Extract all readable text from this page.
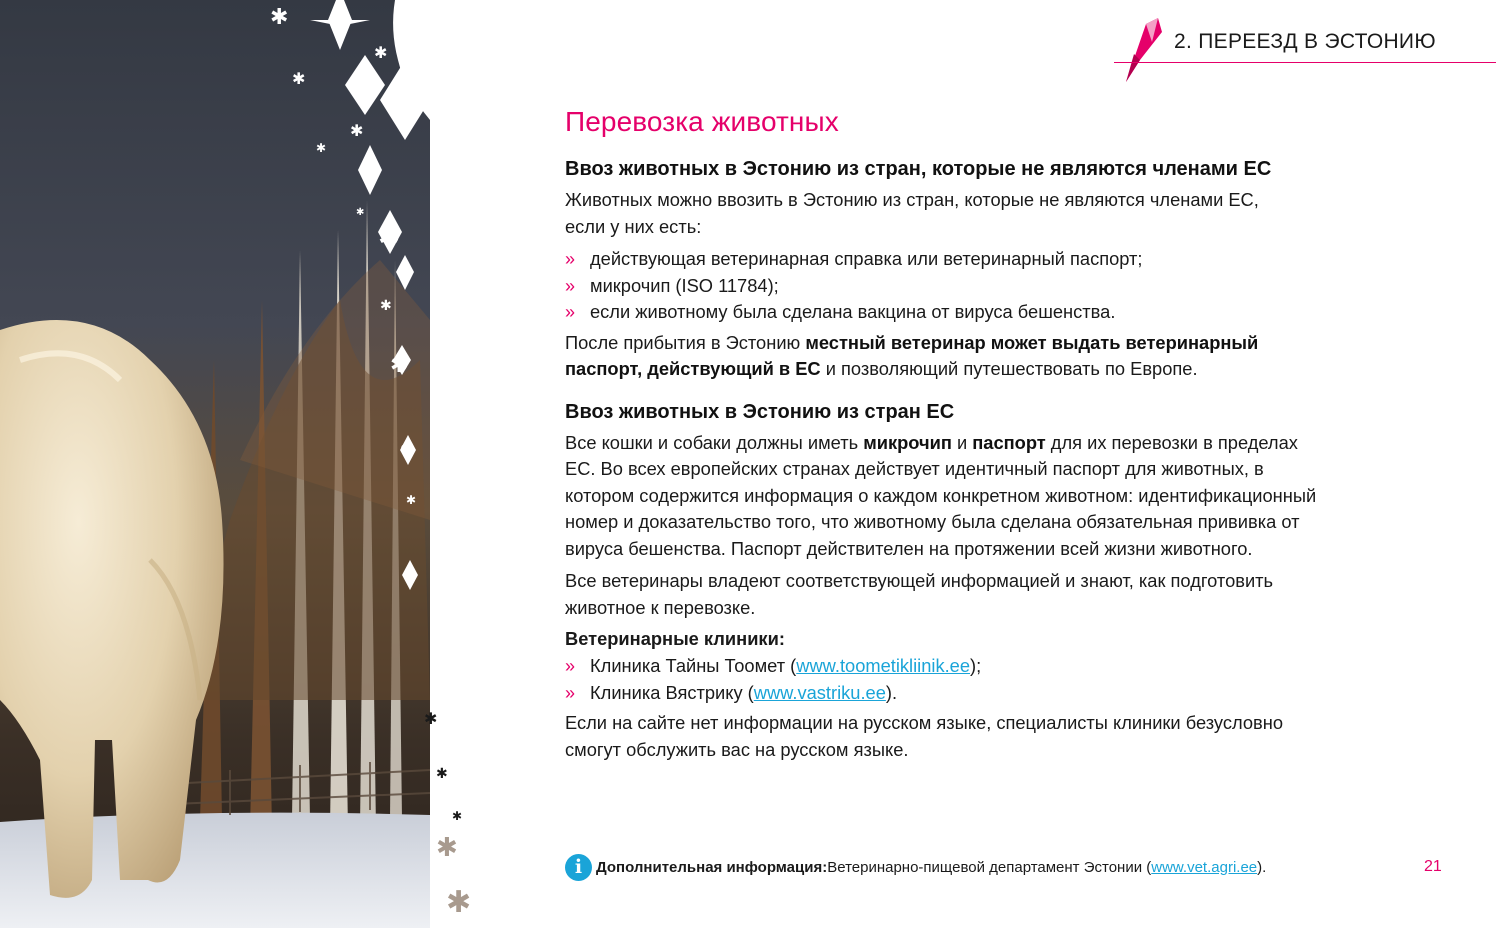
✱
✱
✱
✱
✱
✱
✱
✱
✱
✱
✱
✱
✱
✱
✱
✱
2. ПЕРЕЕЗД В ЭСТОНИЮ
Перевозка животных
Ввоз животных в Эстонию из стран, которые не являются членами ЕС

Животных можно ввозить в Эстонию из стран, которые не являются членами ЕС,
если у них есть:

» действующая ветеринарная справка или ветеринарный паспорт;
» микрочип (ISO 11784);
» если животному была сделана вакцина от вируса бешенства.

После прибытия в Эстонию местный ветеринар может выдать ветеринарный паспорт, действующий в ЕС и позволяющий путешествовать по Европе.

Ввоз животных в Эстонию из стран ЕС

Все кошки и собаки должны иметь микрочип и паспорт для их перевозки в пределах ЕС. Во всех европейских странах действует идентичный паспорт для животных, в котором содержится информация о каждом конкретном животном: идентификационный номер и доказательство того, что животному была сделана обязательная прививка от вируса бешенства. Паспорт действителен на протяжении всей жизни животного.

Все ветеринары владеют соответствующей информацией и знают, как подготовить животное к перевозке.

Ветеринарные клиники:
» Клиника Тайны Тоомет (www.toometikliinik.ee);
» Клиника Вястрику (www.vastriku.ee).

Если на сайте нет информации на русском языке, специалисты клиники безусловно смогут обслужить вас на русском языке.

i Дополнительная информация: Ветеринарно-пищевой департамент Эстонии ( www.vet.agri.ee ).	21
